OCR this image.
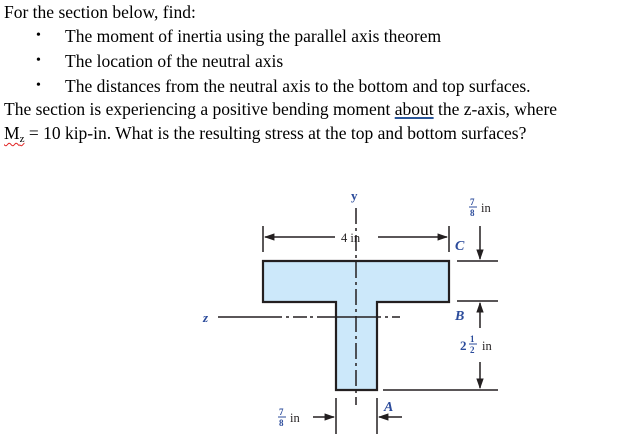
For the section below, find:
• The moment of inertia using the parallel axis theorem
• The location of the neutral axis
• The distances from the neutral axis to the bottom and top surfaces.
The section is experiencing a positive bending moment about the z-axis, where
$M_z = 10$ kip-in. What is the resulting stress at the top and bottom surfaces?
y
z
4 in
C
B
A
7
8 in
2 1
2 in
7
8 in
